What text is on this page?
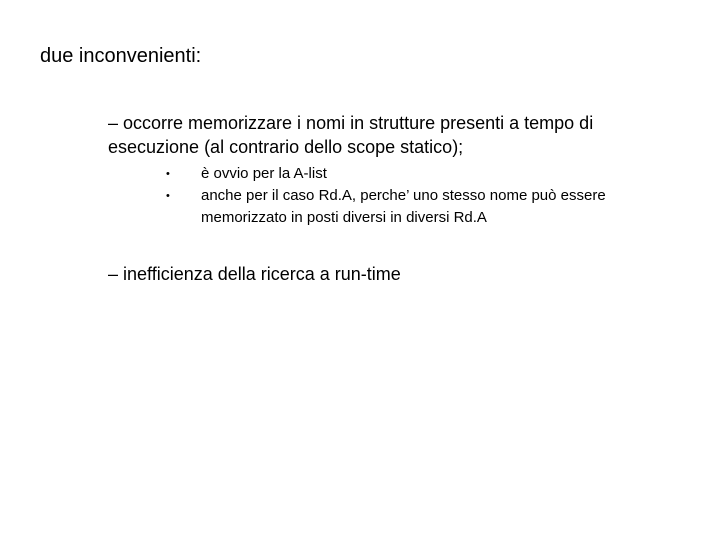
due inconvenienti:
– occorre memorizzare i nomi in strutture presenti a tempo di esecuzione (al contrario dello scope statico);
• è ovvio per la A-list
• anche per il caso Rd.A, perche’ uno stesso nome può essere memorizzato in posti diversi in diversi Rd.A
– inefficienza della ricerca a run-time
